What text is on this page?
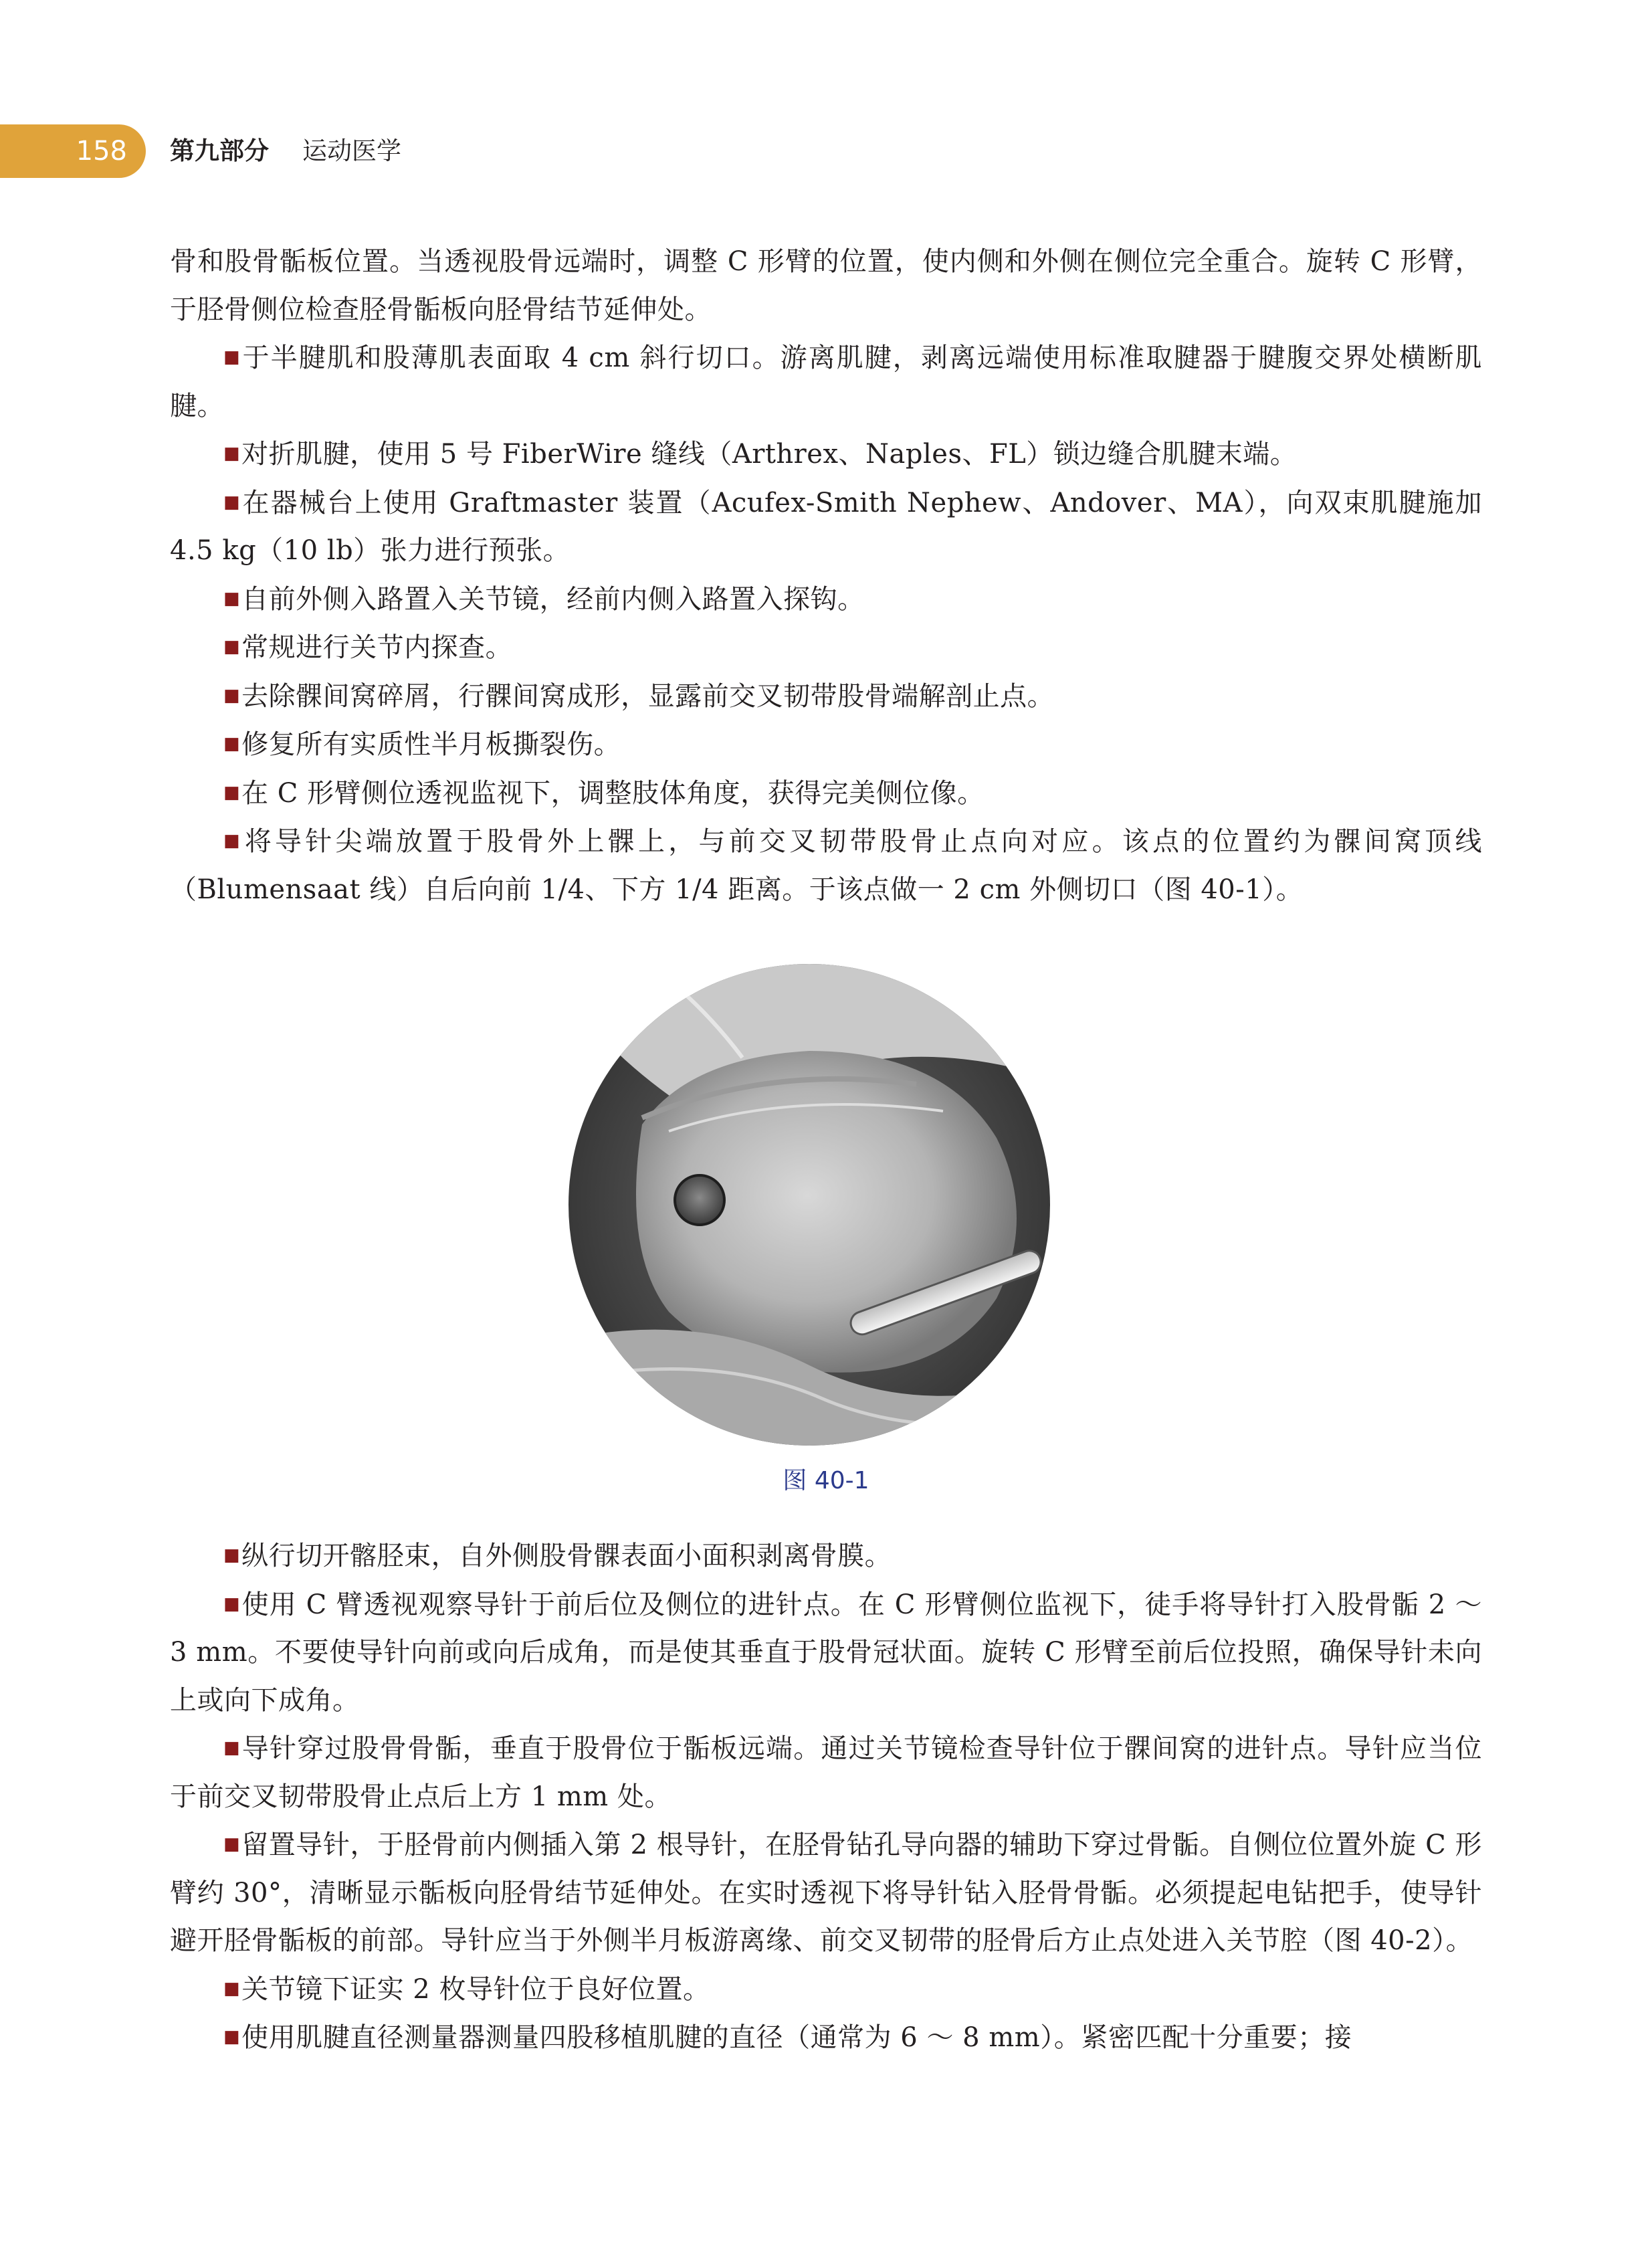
158	第九部分 运动医学

骨和股骨骺板位置。当透视股骨远端时，调整 C 形臂的位置，使内侧和外侧在侧位完全重合。旋转 C 形臂，于胫骨侧位检查胫骨骺板向胫骨结节延伸处。

■于半腱肌和股薄肌表面取 4 cm 斜行切口。游离肌腱，剥离远端使用标准取腱器于腱腹交界处横断肌腱。

■对折肌腱，使用 5 号 FiberWire 缝线（Arthrex、Naples、FL）锁边缝合肌腱末端。

■在器械台上使用 Graftmaster 装置（Acufex-Smith Nephew、Andover、MA），向双束肌腱施加 4.5 kg（10 lb）张力进行预张。

■自前外侧入路置入关节镜，经前内侧入路置入探钩。

■常规进行关节内探查。

■去除髁间窝碎屑，行髁间窝成形，显露前交叉韧带股骨端解剖止点。

■修复所有实质性半月板撕裂伤。

■在 C 形臂侧位透视监视下，调整肢体角度，获得完美侧位像。

■将导针尖端放置于股骨外上髁上，与前交叉韧带股骨止点向对应。该点的位置约为髁间窝顶线（Blumensaat 线）自后向前 1/4、下方 1/4 距离。于该点做一 2 cm 外侧切口（图 40-1）。

图 40-1

■纵行切开髂胫束，自外侧股骨髁表面小面积剥离骨膜。

■使用 C 臂透视观察导针于前后位及侧位的进针点。在 C 形臂侧位监视下，徒手将导针打入股骨骺 2 ～ 3 mm。不要使导针向前或向后成角，而是使其垂直于股骨冠状面。旋转 C 形臂至前后位投照，确保导针未向上或向下成角。

■导针穿过股骨骨骺，垂直于股骨位于骺板远端。通过关节镜检查导针位于髁间窝的进针点。导针应当位于前交叉韧带股骨止点后上方 1 mm 处。

■留置导针，于胫骨前内侧插入第 2 根导针，在胫骨钻孔导向器的辅助下穿过骨骺。自侧位位置外旋 C 形臂约 30°，清晰显示骺板向胫骨结节延伸处。在实时透视下将导针钻入胫骨骨骺。必须提起电钻把手，使导针避开胫骨骺板的前部。导针应当于外侧半月板游离缘、前交叉韧带的胫骨后方止点处进入关节腔（图 40-2）。

■关节镜下证实 2 枚导针位于良好位置。

■使用肌腱直径测量器测量四股移植肌腱的直径（通常为 6 ～ 8 mm）。紧密匹配十分重要；接
